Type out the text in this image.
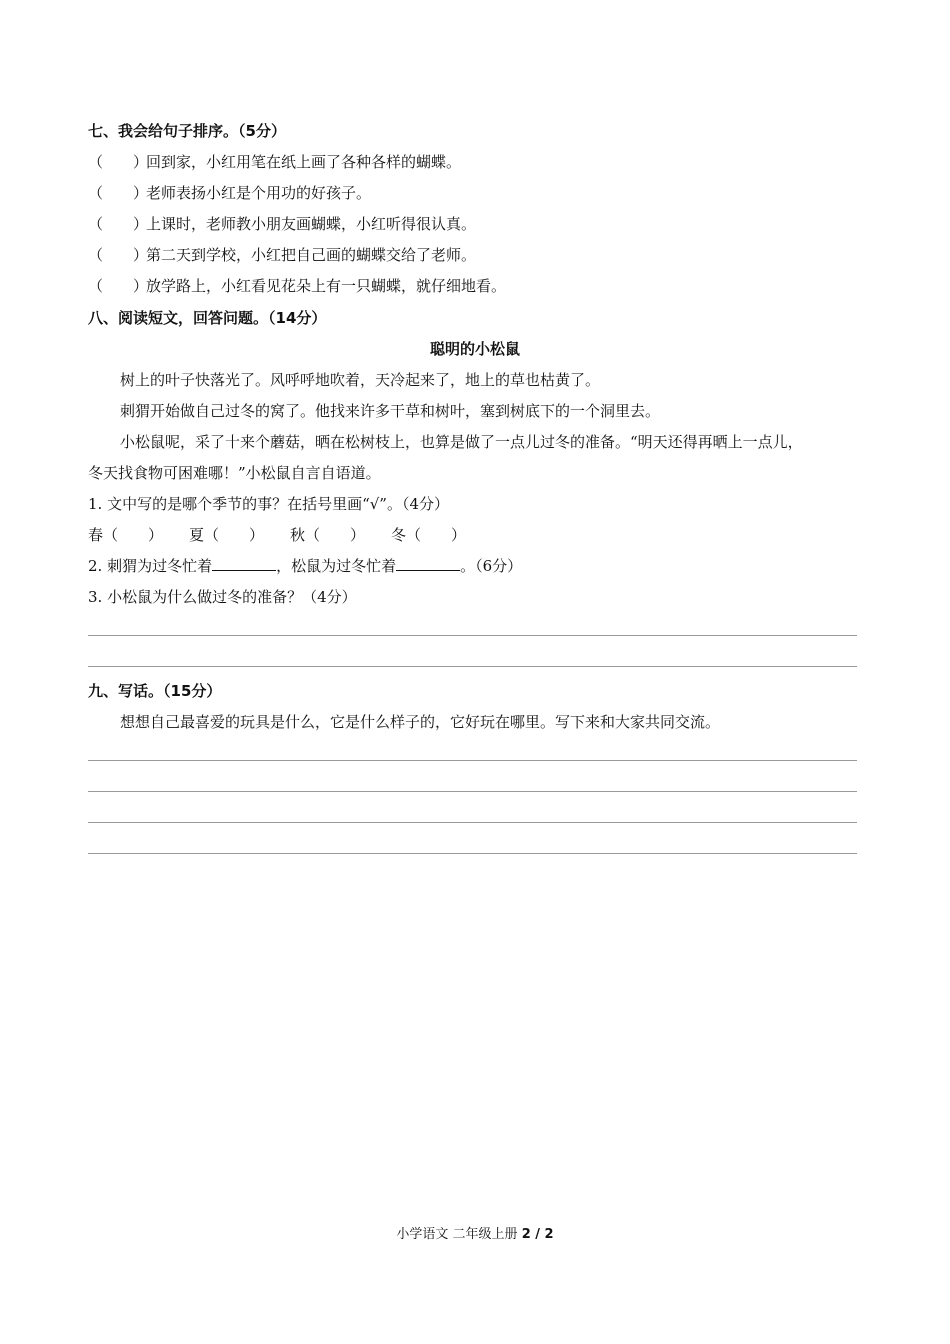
七、我会给句子排序。（5分）
（　　）回到家，小红用笔在纸上画了各种各样的蝴蝶。
（　　）老师表扬小红是个用功的好孩子。
（　　）上课时，老师教小朋友画蝴蝶，小红听得很认真。
（　　）第二天到学校，小红把自己画的蝴蝶交给了老师。
（　　）放学路上，小红看见花朵上有一只蝴蝶，就仔细地看。
八、阅读短文，回答问题。（14分）
聪明的小松鼠
树上的叶子快落光了。风呼呼地吹着，天冷起来了，地上的草也枯黄了。
刺猬开始做自己过冬的窝了。他找来许多干草和树叶，塞到树底下的一个洞里去。
小松鼠呢，采了十来个蘑菇，晒在松树枝上，也算是做了一点儿过冬的准备。“明天还得再晒上一点儿，
冬天找食物可困难哪！”小松鼠自言自语道。
1. 文中写的是哪个季节的事？在括号里画“√”。（4分）
春（　　） 夏（　　） 秋（　　） 冬（　　）
2. 刺猬为过冬忙着	，松鼠为过冬忙着	。（6分）
3. 小松鼠为什么做过冬的准备？（4分）
九、写话。（15分）
想想自己最喜爱的玩具是什么，它是什么样子的，它好玩在哪里。写下来和大家共同交流。
小学语文 二年级上册 2 / 2
